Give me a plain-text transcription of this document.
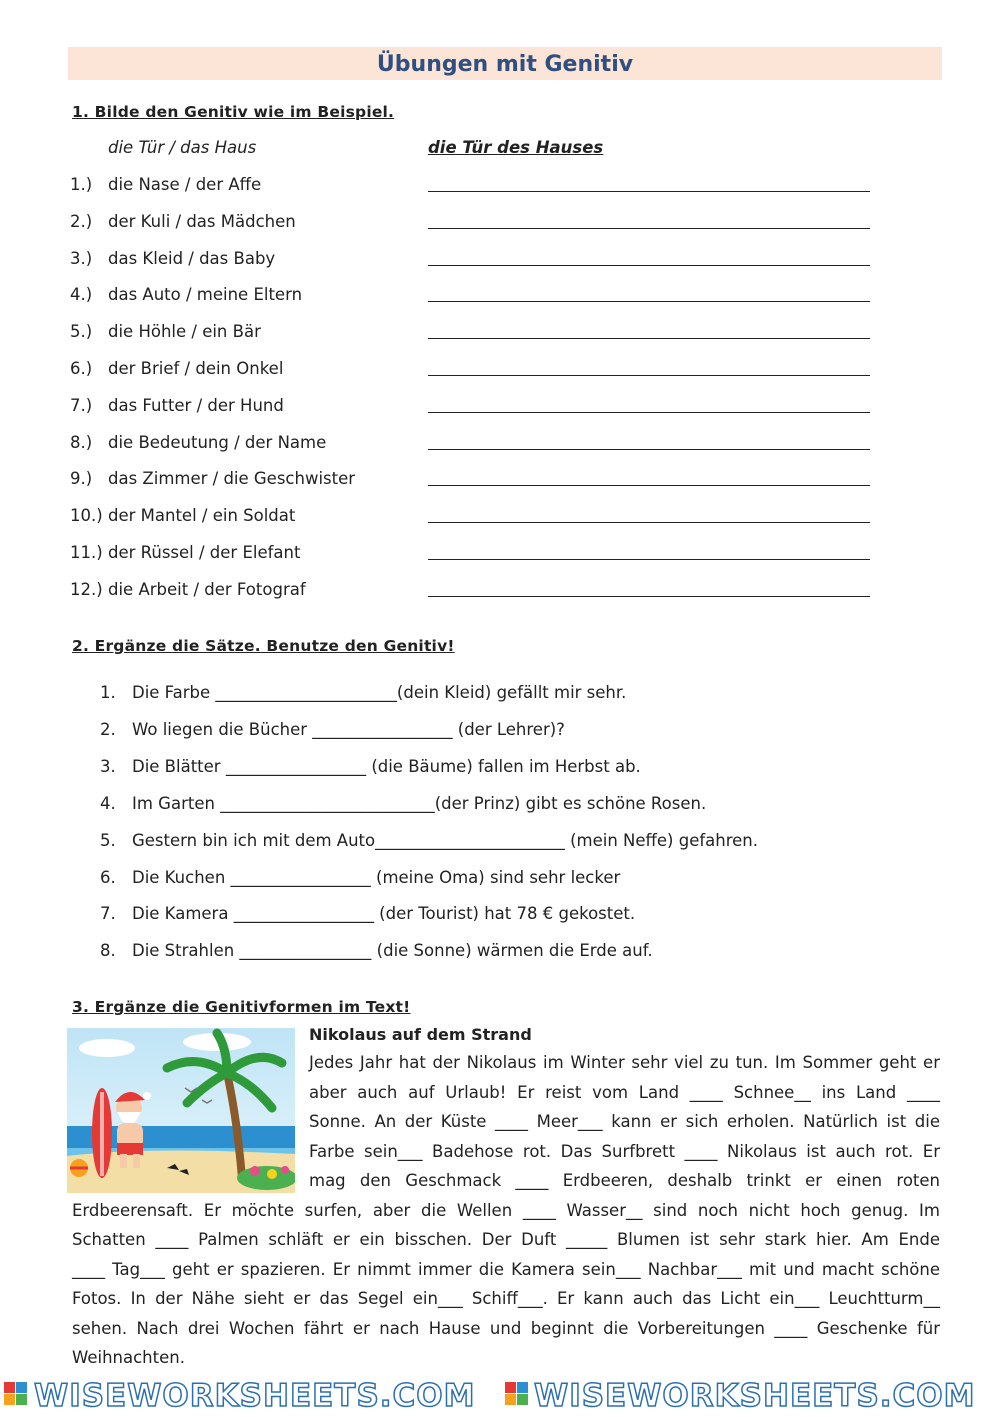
Übungen mit Genitiv
1. Bilde den Genitiv wie im Beispiel.
die Tür / das Haus	die Tür des Hauses
1.) die Nase / der Affe
2.) der Kuli / das Mädchen
3.) das Kleid / das Baby
4.) das Auto / meine Eltern
5.) die Höhle / ein Bär
6.) der Brief / dein Onkel
7.) das Futter / der Hund
8.) die Bedeutung / der Name
9.) das Zimmer / die Geschwister
10.) der Mantel / ein Soldat
11.) der Rüssel / der Elefant
12.) die Arbeit / der Fotograf
2. Ergänze die Sätze. Benutze den Genitiv!
1. Die Farbe ______________________(dein Kleid) gefällt mir sehr.
2. Wo liegen die Bücher _________________ (der Lehrer)?
3. Die Blätter _________________ (die Bäume) fallen im Herbst ab.
4. Im Garten __________________________(der Prinz) gibt es schöne Rosen.
5. Gestern bin ich mit dem Auto_______________________ (mein Neffe) gefahren.
6. Die Kuchen _________________ (meine Oma) sind sehr lecker
7. Die Kamera _________________ (der Tourist) hat 78 € gekostet.
8. Die Strahlen ________________ (die Sonne) wärmen die Erde auf.
3. Ergänze die Genitivformen im Text!
Nikolaus auf dem Strand
Jedes Jahr hat der Nikolaus im Winter sehr viel zu tun. Im Sommer geht er
aber auch auf Urlaub! Er reist vom Land ____ Schnee__ ins Land ____
Sonne. An der Küste ____ Meer___ kann er sich erholen. Natürlich ist die
Farbe sein___ Badehose rot. Das Surfbrett ____ Nikolaus ist auch rot. Er
mag den Geschmack ____ Erdbeeren, deshalb trinkt er einen roten
Erdbeerensaft. Er möchte surfen, aber die Wellen ____ Wasser__ sind noch nicht hoch genug. Im
Schatten ____ Palmen schläft er ein bisschen. Der Duft _____ Blumen ist sehr stark hier. Am Ende
____ Tag___ geht er spazieren. Er nimmt immer die Kamera sein___ Nachbar___ mit und macht schöne
Fotos. In der Nähe sieht er das Segel ein___ Schiff___. Er kann auch das Licht ein___ Leuchtturm__
sehen. Nach drei Wochen fährt er nach Hause und beginnt die Vorbereitungen ____ Geschenke für
Weihnachten.
WISEWORKSHEETS.COM WISEWORKSHEETS.COM
